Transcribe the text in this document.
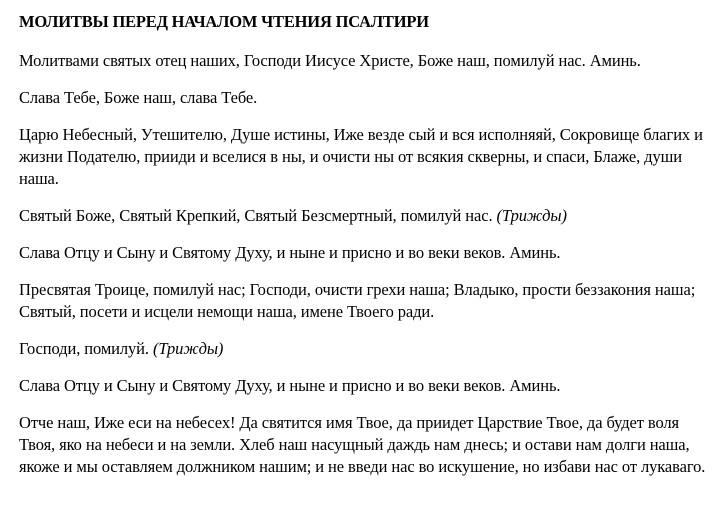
МОЛИТВЫ ПЕРЕД НАЧАЛОМ ЧТЕНИЯ ПСАЛТИРИ

Молитвами святых отец наших, Господи Иисусе Христе, Боже наш, помилуй нас. Аминь.

Слава Тебе, Боже наш, слава Тебе.

Царю Небесный, Утешителю, Душе истины, Иже везде сый и вся исполняяй, Сокровище благих и жизни Подателю, прииди и вселися в ны, и очисти ны от всякия скверны, и спаси, Блаже, души наша.

Святый Боже, Святый Крепкий, Святый Безсмертный, помилуй нас. (Трижды)

Слава Отцу и Сыну и Святому Духу, и ныне и присно и во веки веков. Аминь.

Пресвятая Троице, помилуй нас; Господи, очисти грехи наша; Владыко, прости беззакония наша; Святый, посети и исцели немощи наша, имене Твоего ради.

Господи, помилуй. (Трижды)

Слава Отцу и Сыну и Святому Духу, и ныне и присно и во веки веков. Аминь.

Отче наш, Иже еси на небесех! Да святится имя Твое, да приидет Царствие Твое, да будет воля Твоя, яко на небеси и на земли. Хлеб наш насущный даждь нам днесь; и остави нам долги наша, якоже и мы оставляем должником нашим; и не введи нас во искушение, но избави нас от лукаваго.
